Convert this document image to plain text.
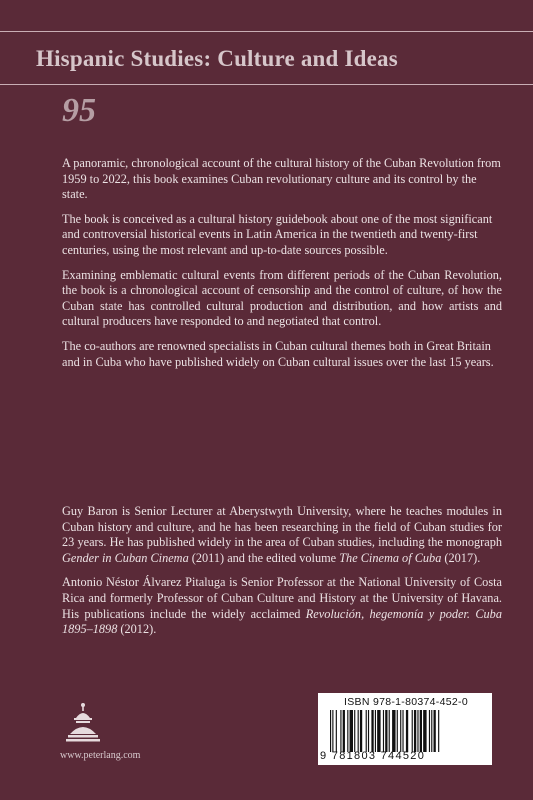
Hispanic Studies: Culture and Ideas
95

A panoramic, chronological account of the cultural history of the Cuban Revolution from 1959 to 2022, this book examines Cuban revolutionary culture and its control by the state.

The book is conceived as a cultural history guidebook about one of the most significant and controversial historical events in Latin America in the twentieth and twenty-first centuries, using the most relevant and up-to-date sources possible.

Examining emblematic cultural events from different periods of the Cuban Revolution, the book is a chronological account of censorship and the control of culture, of how the Cuban state has controlled cultural production and distribution, and how artists and cultural producers have responded to and negotiated that control.

The co-authors are renowned specialists in Cuban cultural themes both in Great Britain and in Cuba who have published widely on Cuban cultural issues over the last 15 years.

Guy Baron is Senior Lecturer at Aberystwyth University, where he teaches modules in Cuban history and culture, and he has been researching in the field of Cuban studies for 23 years. He has published widely in the area of Cuban studies, including the monograph Gender in Cuban Cinema (2011) and the edited volume The Cinema of Cuba (2017).

Antonio Néstor Álvarez Pitaluga is Senior Professor at the National University of Costa Rica and formerly Professor of Cuban Culture and History at the University of Havana. His publications include the widely acclaimed Revolución, hegemonía y poder. Cuba 1895–1898 (2012).

www.peterlang.com
ISBN 978-1-80374-452-0
9 781803 744520
